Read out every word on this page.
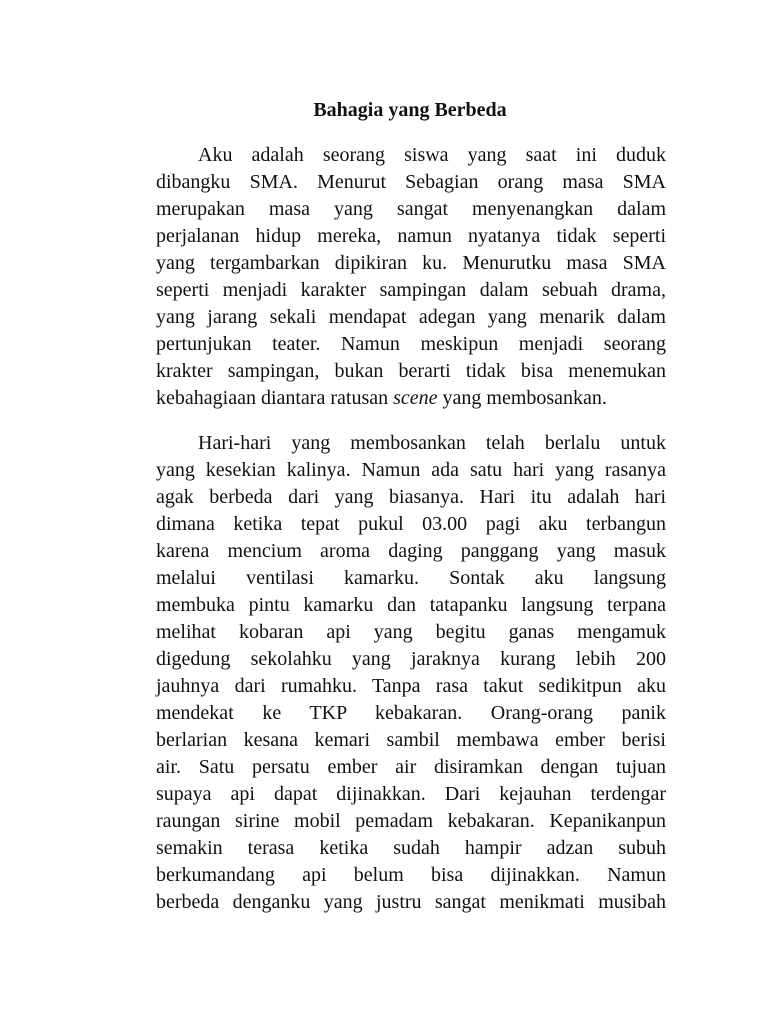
Bahagia yang Berbeda
Aku adalah seorang siswa yang saat ini duduk
dibangku SMA. Menurut Sebagian orang masa SMA
merupakan masa yang sangat menyenangkan dalam
perjalanan hidup mereka, namun nyatanya tidak seperti
yang tergambarkan dipikiran ku. Menurutku masa SMA
seperti menjadi karakter sampingan dalam sebuah drama,
yang jarang sekali mendapat adegan yang menarik dalam
pertunjukan teater. Namun meskipun menjadi seorang
krakter sampingan, bukan berarti tidak bisa menemukan
kebahagiaan diantara ratusan scene yang membosankan.
Hari-hari yang membosankan telah berlalu untuk
yang kesekian kalinya. Namun ada satu hari yang rasanya
agak berbeda dari yang biasanya. Hari itu adalah hari
dimana ketika tepat pukul 03.00 pagi aku terbangun
karena mencium aroma daging panggang yang masuk
melalui ventilasi kamarku. Sontak aku langsung
membuka pintu kamarku dan tatapanku langsung terpana
melihat kobaran api yang begitu ganas mengamuk
digedung sekolahku yang jaraknya kurang lebih 200
jauhnya dari rumahku. Tanpa rasa takut sedikitpun aku
mendekat ke TKP kebakaran. Orang-orang panik
berlarian kesana kemari sambil membawa ember berisi
air. Satu persatu ember air disiramkan dengan tujuan
supaya api dapat dijinakkan. Dari kejauhan terdengar
raungan sirine mobil pemadam kebakaran. Kepanikanpun
semakin terasa ketika sudah hampir adzan subuh
berkumandang api belum bisa dijinakkan. Namun
berbeda denganku yang justru sangat menikmati musibah
